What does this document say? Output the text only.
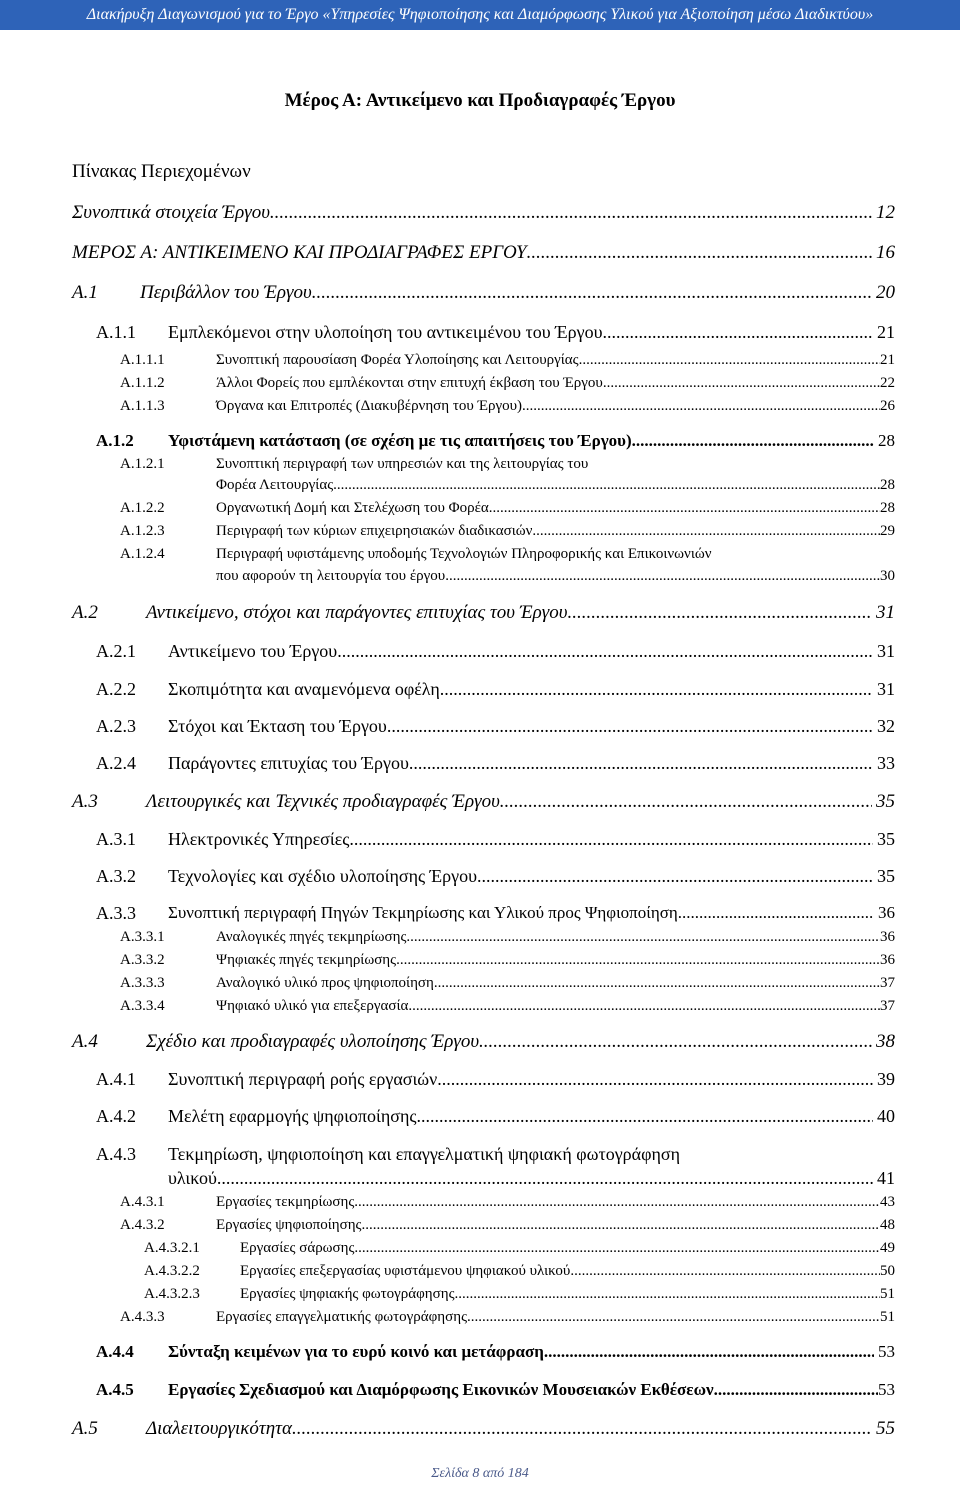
Διακήρυξη Διαγωνισμού για το Έργο «Υπηρεσίες Ψηφιοποίησης και Διαμόρφωσης Υλικού για Αξιοποίηση μέσω Διαδικτύου»
Μέρος Α: Αντικείμενο και Προδιαγραφές Έργου
Πίνακας Περιεχομένων
Συνοπτικά στοιχεία Έργου .....	12
ΜΕΡΟΣ Α: ΑΝΤΙΚΕΙΜΕΝΟ ΚΑΙ ΠΡΟΔΙΑΓΡΑΦΕΣ ΕΡΓΟΥ .....	16
Α.1 Περιβάλλον του Έργου .....	20
Α.1.1 Εμπλεκόμενοι στην υλοποίηση του αντικειμένου του Έργου .....	21
Α.1.1.1	Συνοπτική παρουσίαση Φορέα Υλοποίησης και Λειτουργίας .....	21
Α.1.1.2	Άλλοι Φορείς που εμπλέκονται στην επιτυχή έκβαση του Έργου .....	22
Α.1.1.3	Όργανα και Επιτροπές (Διακυβέρνηση του Έργου) .....	26
Α.1.2 Υφιστάμενη κατάσταση (σε σχέση με τις απαιτήσεις του Έργου) .....	28
Α.1.2.1	Συνοπτική περιγραφή των υπηρεσιών και της λειτουργίας του
Φορέα Λειτουργίας .....	28
Α.1.2.2	Οργανωτική Δομή και Στελέχωση του Φορέα .....	28
Α.1.2.3	Περιγραφή των κύριων επιχειρησιακών διαδικασιών .....	29
Α.1.2.4	Περιγραφή υφιστάμενης υποδομής Τεχνολογιών Πληροφορικής και Επικοινωνιών
που αφορούν τη λειτουργία του έργου .....	30
Α.2	Αντικείμενο, στόχοι και παράγοντες επιτυχίας του Έργου .....	31
Α.2.1 Αντικείμενο του Έργου .....	31
Α.2.2 Σκοπιμότητα και αναμενόμενα οφέλη .....	31
Α.2.3 Στόχοι και Έκταση του Έργου .....	32
Α.2.4 Παράγοντες επιτυχίας του Έργου .....	33
Α.3	Λειτουργικές και Τεχνικές προδιαγραφές Έργου .....	35
Α.3.1 Ηλεκτρονικές Υπηρεσίες .....	35
Α.3.2 Τεχνολογίες και σχέδιο υλοποίησης Έργου .....	35
Α.3.3 Συνοπτική περιγραφή Πηγών Τεκμηρίωσης και Υλικού προς Ψηφιοποίηση .....	36
Α.3.3.1	Αναλογικές πηγές τεκμηρίωσης .....	36
Α.3.3.2	Ψηφιακές πηγές τεκμηρίωσης .....	36
Α.3.3.3	Αναλογικό υλικό προς ψηφιοποίηση .....	37
Α.3.3.4	Ψηφιακό υλικό για επεξεργασία .....	37
Α.4	Σχέδιο και προδιαγραφές υλοποίησης Έργου .....	38
Α.4.1 Συνοπτική περιγραφή ροής εργασιών .....	39
Α.4.2 Μελέτη εφαρμογής ψηφιοποίησης .....	40
Α.4.3 Τεκμηρίωση, ψηφιοποίηση και επαγγελματική ψηφιακή φωτογράφηση
υλικού .....	41
Α.4.3.1	Εργασίες τεκμηρίωσης .....	43
Α.4.3.2	Εργασίες ψηφιοποίησης .....	48
Α.4.3.2.1	Εργασίες σάρωσης .....	49
Α.4.3.2.2	Εργασίες επεξεργασίας υφιστάμενου ψηφιακού υλικού .....	50
Α.4.3.2.3	Εργασίες ψηφιακής φωτογράφησης .....	51
Α.4.3.3	Εργασίες επαγγελματικής φωτογράφησης .....	51
Α.4.4 Σύνταξη κειμένων για το ευρύ κοινό και μετάφραση .....	53
Α.4.5 Εργασίες Σχεδιασμού και Διαμόρφωσης Εικονικών Μουσειακών Εκθέσεων .....	53
Α.5	Διαλειτουργικότητα .....	55
Σελίδα 8 από 184
